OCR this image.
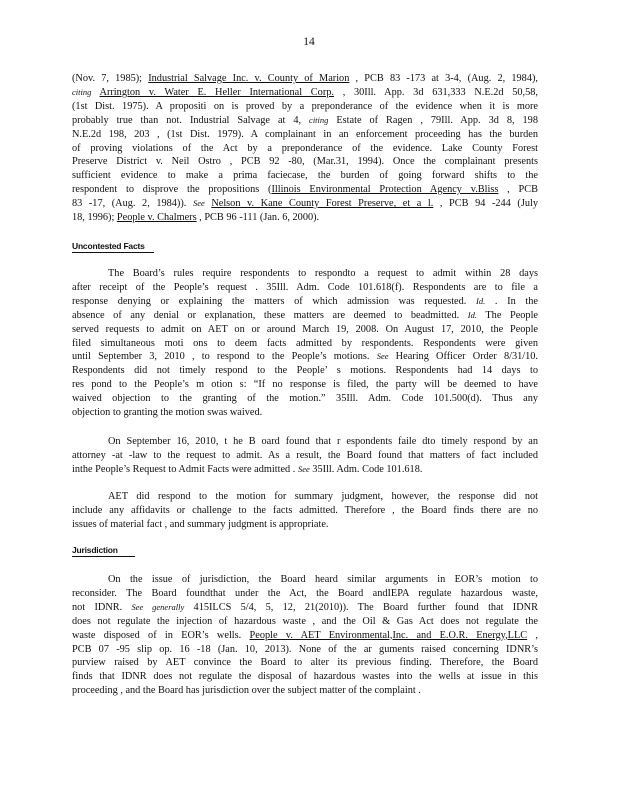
14
(Nov. 7, 1985); Industrial Salvage Inc. v. County of Marion , PCB 83 -173 at 3-4, (Aug. 2, 1984),
citing Arrington v. Water E. Heller International Corp. , 30Ill. App. 3d 631,333 N.E.2d 50,58,
(1st Dist. 1975). A propositi on is proved by a preponderance of the evidence when it is more
probably true than not. Industrial Salvage at 4, citing Estate of Ragen , 79Ill. App. 3d 8, 198
N.E.2d 198, 203 , (1st Dist. 1979). A complainant in an enforcement proceeding has the burden
of proving violations of the Act by a preponderance of the evidence. Lake County Forest
Preserve District v. Neil Ostro , PCB 92 -80, (Mar.31, 1994). Once the complainant presents
sufficient evidence to make a prima faciecase, the burden of going forward shifts to the
respondent to disprove the propositions (Illinois Environmental Protection Agency v.Bliss , PCB
83 -17, (Aug. 2, 1984)). See Nelson v. Kane County Forest Preserve, et a l. , PCB 94 -244 (July
18, 1996); People v. Chalmers , PCB 96 -111 (Jan. 6, 2000).
Uncontested Facts
The Board’s rules require respondents to respondto a request to admit within 28 days
after receipt of the People’s request . 35Ill. Adm. Code 101.618(f). Respondents are to file a
response denying or explaining the matters of which admission was requested. Id. . In the
absence of any denial or explanation, these matters are deemed to beadmitted. Id. The People
served requests to admit on AET on or around March 19, 2008. On August 17, 2010, the People
filed simultaneous moti ons to deem facts admitted by respondents. Respondents were given
until September 3, 2010 , to respond to the People’s motions. See Hearing Officer Order 8/31/10.
Respondents did not timely respond to the People’ s motions. Respondents had 14 days to
res pond to the People’s m otion s: “If no response is filed, the party will be deemed to have
waived objection to the granting of the motion.” 35Ill. Adm. Code 101.500(d). Thus any
objection to granting the motion swas waived.
On September 16, 2010, t he B oard found that r espondents faile dto timely respond by an
attorney -at -law to the request to admit. As a result, the Board found that matters of fact included
inthe People’s Request to Admit Facts were admitted . See 35Ill. Adm. Code 101.618.
AET did respond to the motion for summary judgment, however, the response did not
include any affidavits or challenge to the facts admitted. Therefore , the Board finds there are no
issues of material fact , and summary judgment is appropriate.
Jurisdiction
On the issue of jurisdiction, the Board heard similar arguments in EOR’s motion to
reconsider. The Board foundthat under the Act, the Board andIEPA regulate hazardous waste,
not IDNR. See generally 415ILCS 5/4, 5, 12, 21(2010)). The Board further found that IDNR
does not regulate the injection of hazardous waste , and the Oil & Gas Act does not regulate the
waste disposed of in EOR’s wells. People v. AET Environmental,Inc. and E.O.R. Energy,LLC ,
PCB 07 -95 slip op. 16 -18 (Jan. 10, 2013). None of the ar guments raised concerning IDNR’s
purview raised by AET convince the Board to alter its previous finding. Therefore, the Board
finds that IDNR does not regulate the disposal of hazardous wastes into the wells at issue in this
proceeding , and the Board has jurisdiction over the subject matter of the complaint .
